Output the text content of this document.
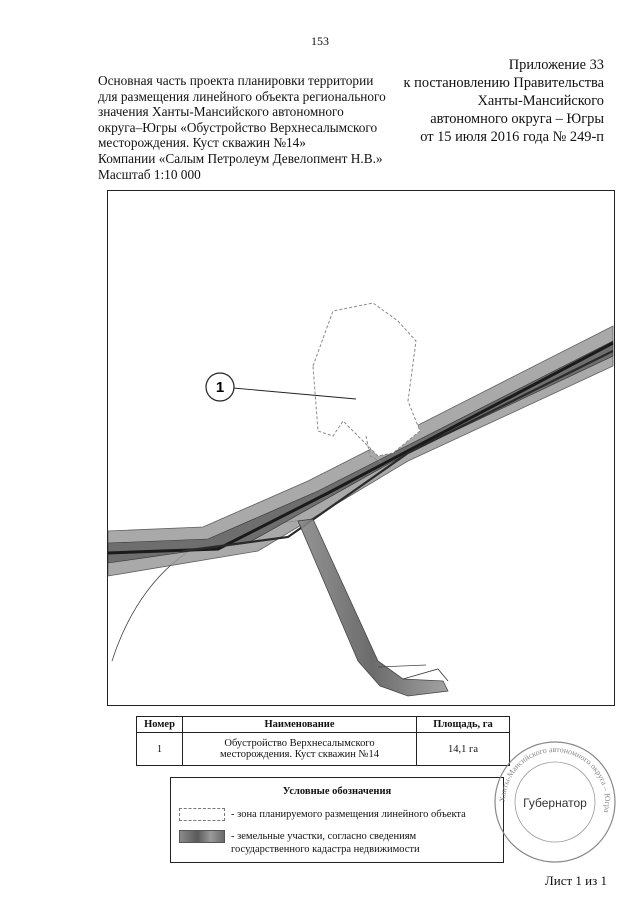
153
Основная часть проекта планировки территории
для размещения линейного объекта регионального
значения Ханты-Мансийского автономного
округа–Югры «Обустройство Верхнесалымского
месторождения. Куст скважин №14»
Компании «Салым Петролеум Девелопмент Н.В.»
Масштаб 1:10 000
Приложение 33
к постановлению Правительства
Ханты-Мансийского
автономного округа – Югры
от 15 июля 2016 года № 249-п
1
Номер	Наименование	Площадь, га
1	Обустройство Верхнесалымского
месторождения. Куст скважин №14	14,1 га
Условные обозначения
- зона планируемого размещения линейного объекта
- земельные участки, согласно сведениям государственного кадастра недвижимости
Ханты-Мансийского автономного округа – Югра
Губернатор
Лист 1 из 1
